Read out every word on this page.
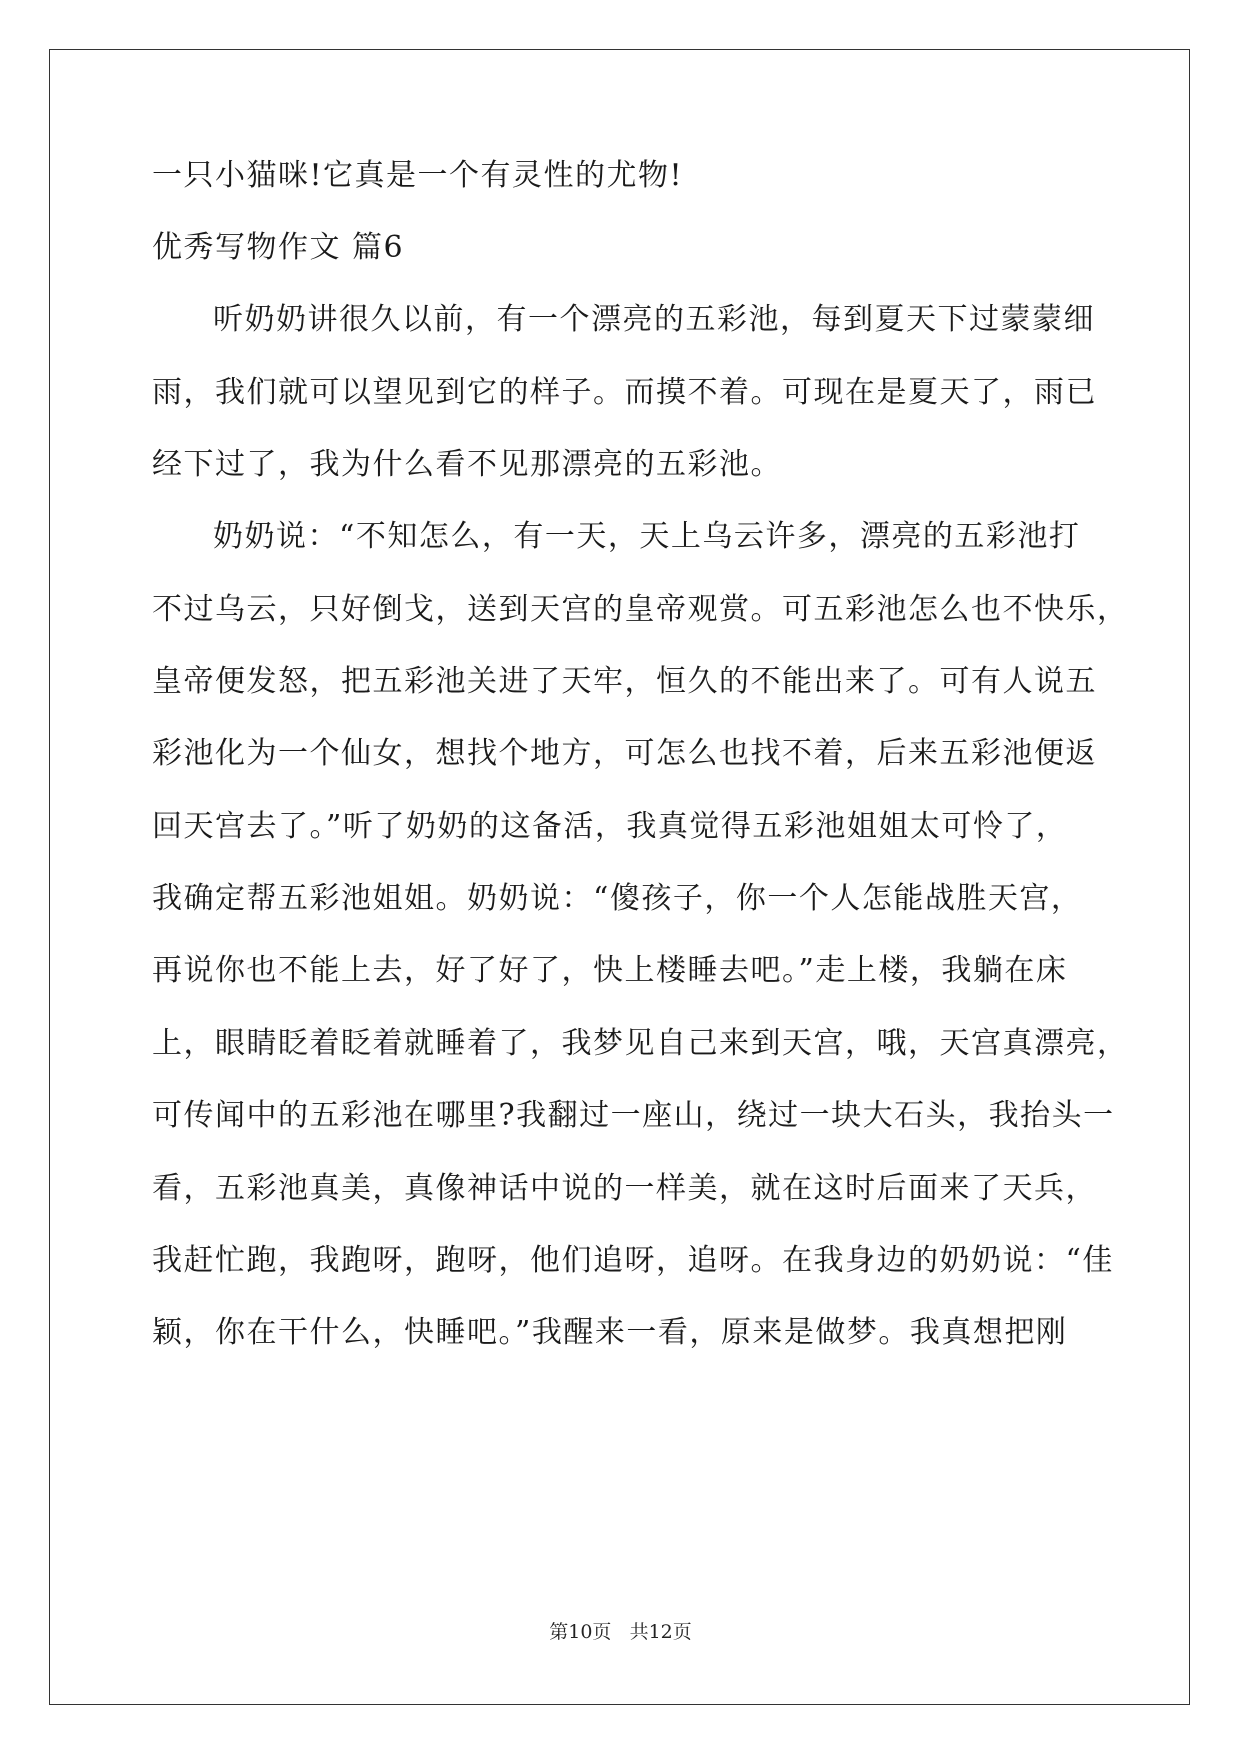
一只小猫咪!它真是一个有灵性的尤物!
优秀写物作文 篇6
听奶奶讲很久以前，有一个漂亮的五彩池，每到夏天下过蒙蒙细
雨，我们就可以望见到它的样子。而摸不着。可现在是夏天了，雨已
经下过了，我为什么看不见那漂亮的五彩池。
奶奶说：“不知怎么，有一天，天上乌云许多，漂亮的五彩池打
不过乌云，只好倒戈，送到天宫的皇帝观赏。可五彩池怎么也不快乐，
皇帝便发怒，把五彩池关进了天牢，恒久的不能出来了。可有人说五
彩池化为一个仙女，想找个地方，可怎么也找不着，后来五彩池便返
回天宫去了。”听了奶奶的这备活，我真觉得五彩池姐姐太可怜了，
我确定帮五彩池姐姐。奶奶说：“傻孩子，你一个人怎能战胜天宫，
再说你也不能上去，好了好了，快上楼睡去吧。”走上楼，我躺在床
上，眼睛眨着眨着就睡着了，我梦见自己来到天宫，哦，天宫真漂亮，
可传闻中的五彩池在哪里?我翻过一座山，绕过一块大石头，我抬头一
看，五彩池真美，真像神话中说的一样美，就在这时后面来了天兵，
我赶忙跑，我跑呀，跑呀，他们追呀，追呀。在我身边的奶奶说：“佳
颖，你在干什么，快睡吧。”我醒来一看，原来是做梦。我真想把刚
第10页 共12页
